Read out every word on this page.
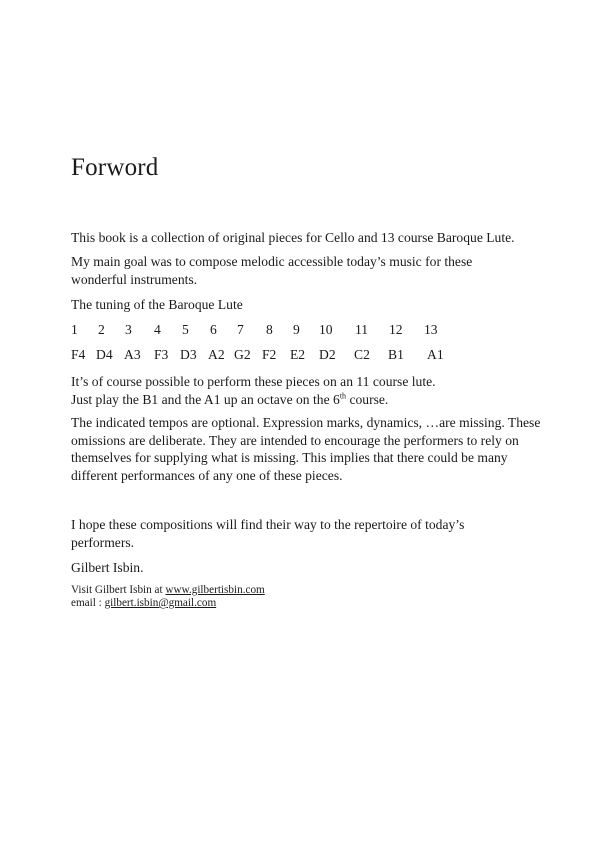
Forword

This book is a collection of original pieces for Cello and 13 course Baroque Lute.

My main goal was to compose melodic accessible today’s music for these wonderful instruments.

The tuning of the Baroque Lute

1 2 3 4 5 6 7 8 9 10 11 12 13
F4 D4 A3 F3 D3 A2 G2 F2 E2 D2 C2 B1 A1
It’s of course possible to perform these pieces on an 11 course lute.
Just play the B1 and the A1 up an octave on the 6th course.

The indicated tempos are optional. Expression marks, dynamics, …are missing. These omissions are deliberate. They are intended to encourage the performers to rely on themselves for supplying what is missing. This implies that there could be many different performances of any one of these pieces.

I hope these compositions will find their way to the repertoire of today’s performers.

Gilbert Isbin.

Visit Gilbert Isbin at www.gilbertisbin.com

email : gilbert.isbin@gmail.com
